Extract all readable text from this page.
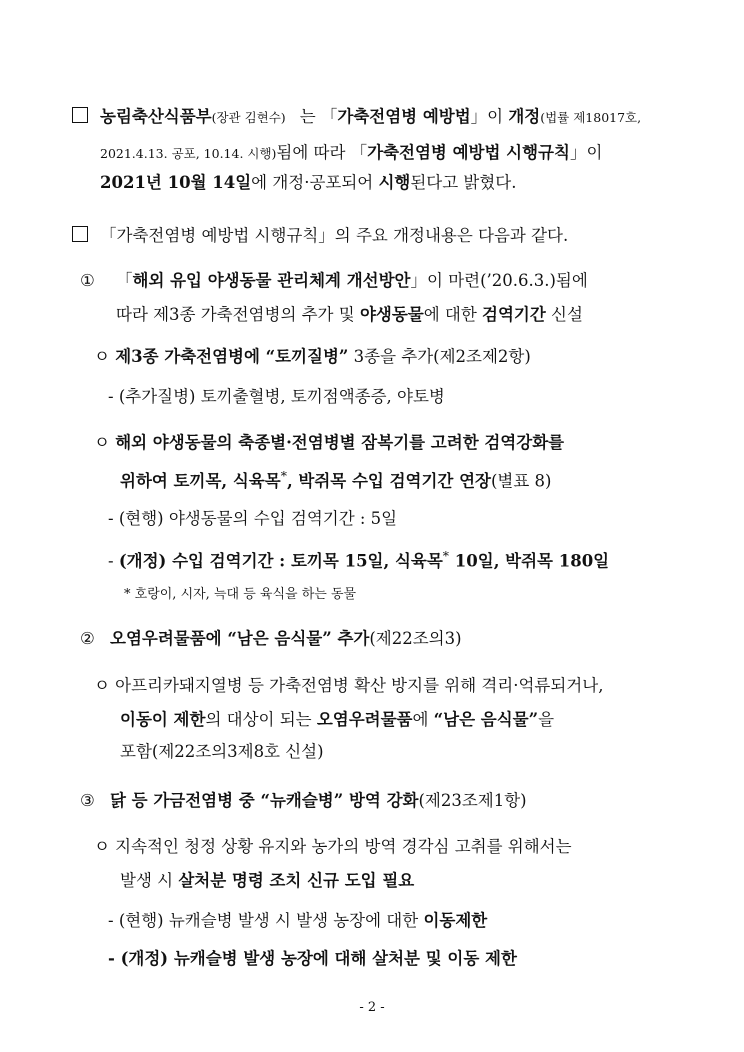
농림축산식품부(장관 김현수) 는 「가축전염병 예방법」이 개정(법률 제18017호,
2021.4.13. 공포, 10.14. 시행)됨에 따라 「가축전염병 예방법 시행규칙」이
2021년 10월 14일에 개정·공포되어 시행된다고 밝혔다.
「가축전염병 예방법 시행규칙」의 주요 개정내용은 다음과 같다.
① 「해외 유입 야생동물 관리체계 개선방안」이 마련(’20.6.3.)됨에
따라 제3종 가축전염병의 추가 및 야생동물에 대한 검역기간 신설
ㅇ 제3종 가축전염병에 “토끼질병” 3종을 추가(제2조제2항)
- (추가질병) 토끼출혈병, 토끼점액종증, 야토병
ㅇ 해외 야생동물의 축종별·전염병별 잠복기를 고려한 검역강화를
위하여 토끼목, 식육목*, 박쥐목 수입 검역기간 연장(별표 8)
- (현행) 야생동물의 수입 검역기간 : 5일
- (개정) 수입 검역기간 : 토끼목 15일, 식육목* 10일, 박쥐목 180일
* 호랑이, 시자, 늑대 등 육식을 하는 동물
② 오염우려물품에 “남은 음식물” 추가(제22조의3)
ㅇ 아프리카돼지열병 등 가축전염병 확산 방지를 위해 격리·억류되거나,
이동이 제한의 대상이 되는 오염우려물품에 “남은 음식물”을
포함(제22조의3제8호 신설)
③ 닭 등 가금전염병 중 “뉴캐슬병” 방역 강화(제23조제1항)
ㅇ 지속적인 청정 상황 유지와 농가의 방역 경각심 고취를 위해서는
발생 시 살처분 명령 조치 신규 도입 필요
- (현행) 뉴캐슬병 발생 시 발생 농장에 대한 이동제한
- (개정) 뉴캐슬병 발생 농장에 대해 살처분 및 이동 제한
- 2 -
